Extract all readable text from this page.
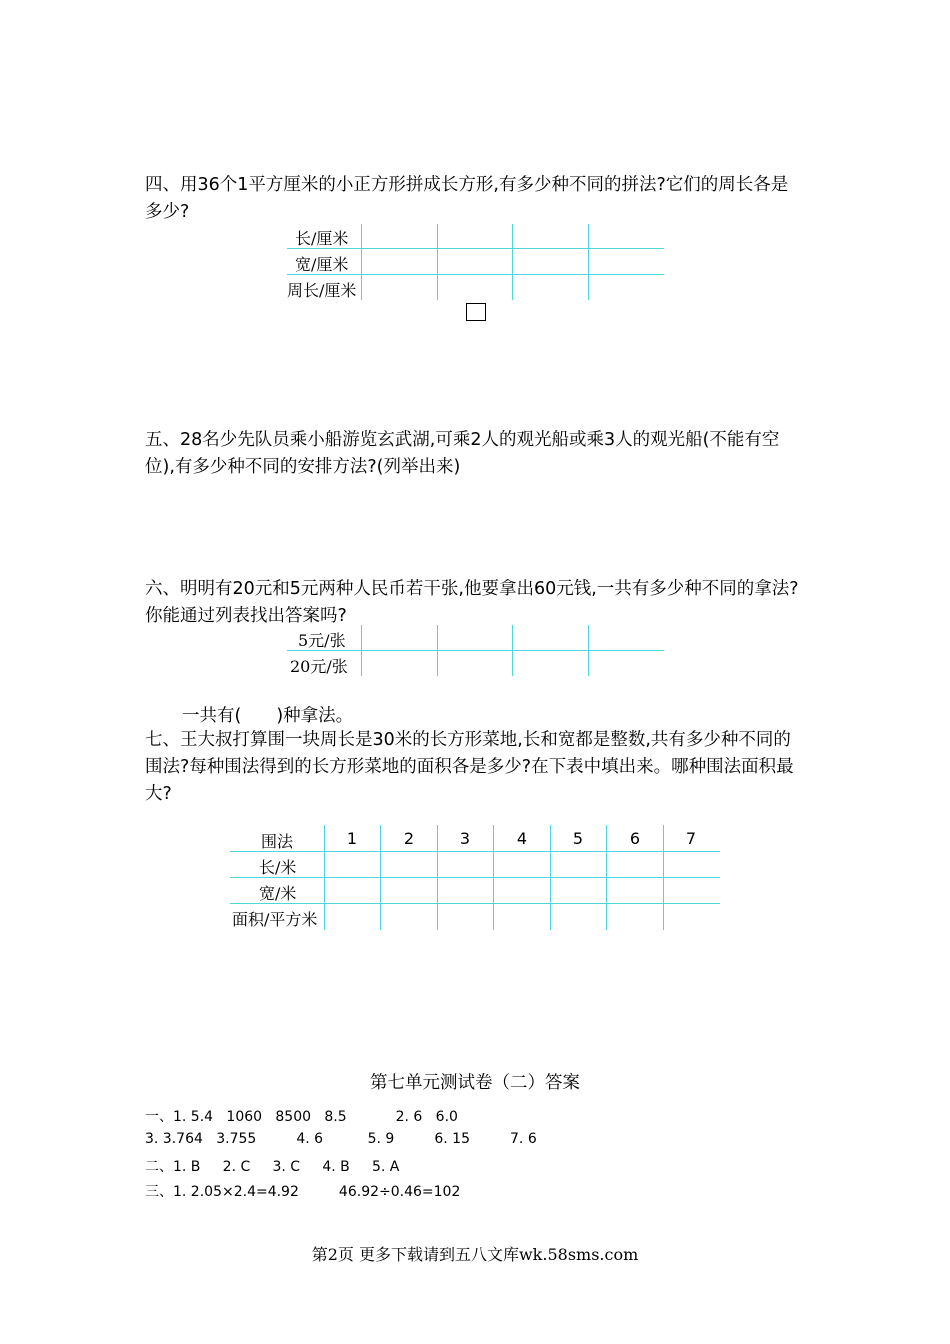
四、用36个1平方厘米的小正方形拼成长方形,有多少种不同的拼法?它们的周长各是多少?
长/厘米
宽/厘米
周长/厘米
五、28名少先队员乘小船游览玄武湖,可乘2人的观光船或乘3人的观光船(不能有空位),有多少种不同的安排方法?(列举出来)
六、明明有20元和5元两种人民币若干张,他要拿出60元钱,一共有多少种不同的拿法?你能通过列表找出答案吗?
5元/张
20元/张
一共有(　　)种拿法。
七、王大叔打算围一块周长是30米的长方形菜地,长和宽都是整数,共有多少种不同的围法?每种围法得到的长方形菜地的面积各是多少?在下表中填出来。哪种围法面积最大?
围法	1	2	3	4	5	6	7
长/米
宽/米
面积/平方米
第七单元测试卷（二）答案
一、1. 5.4   1060   8500   8.5           2. 6   6.0
3. 3.764   3.755         4. 6          5. 9         6. 15         7. 6
二、1. B     2. C     3. C     4. B     5. A
三、1. 2.05×2.4=4.92         46.92÷0.46=102
第2页 更多下载请到五八文库wk.58sms.com
